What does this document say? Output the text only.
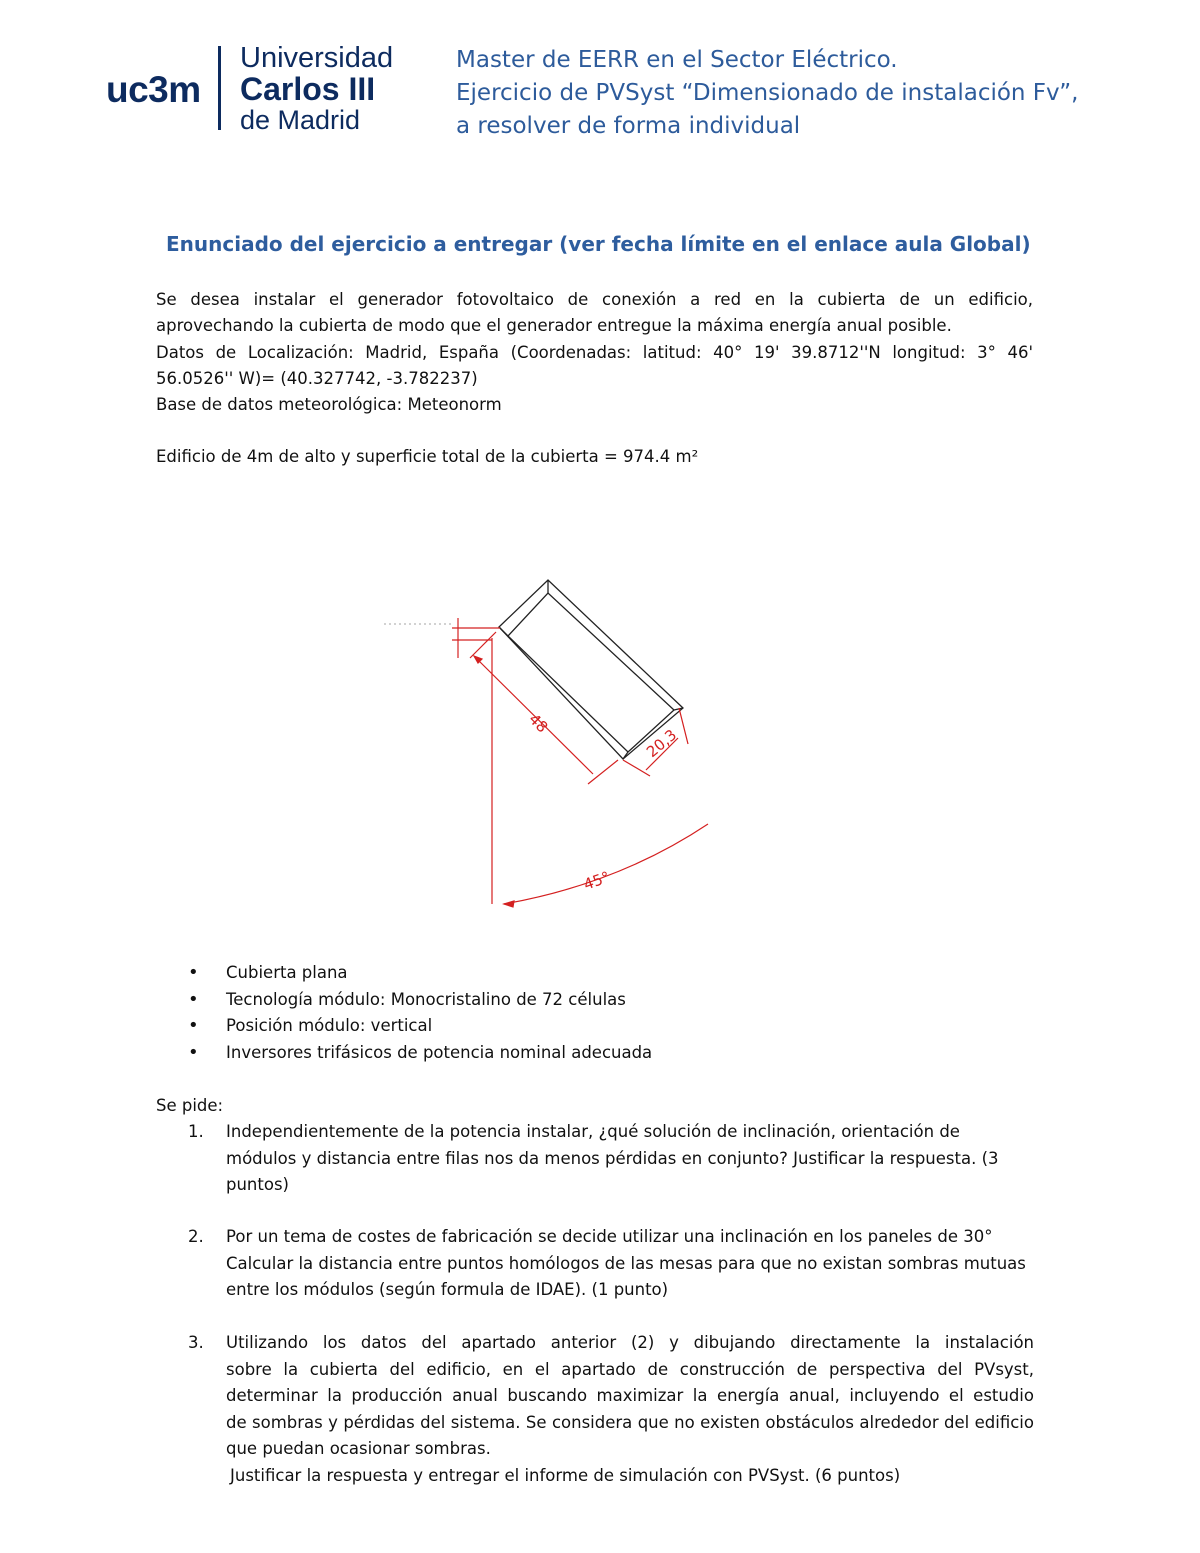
uc3m
Universidad
Carlos III
de Madrid
Master de EERR en el Sector Eléctrico.
Ejercicio de PVSyst “Dimensionado de instalación Fv”,
a resolver de forma individual
Enunciado del ejercicio a entregar (ver fecha límite en el enlace aula Global)

Se desea instalar el generador fotovoltaico de conexión a red en la cubierta de un edificio,

aprovechando la cubierta de modo que el generador entregue la máxima energía anual posible.

Datos de Localización: Madrid, España (Coordenadas: latitud: 40° 19' 39.8712''N longitud: 3° 46'

56.0526'' W)= (40.327742, -3.782237)

Base de datos meteorológica: Meteonorm

Edificio de 4m de alto y superficie total de la cubierta = 974.4 m²

48
20,3
45°
• Cubierta plana
• Tecnología módulo: Monocristalino de 72 células
• Posición módulo: vertical
• Inversores trifásicos de potencia nominal adecuada
Se pide:
1. Independientemente de la potencia instalar, ¿qué solución de inclinación, orientación de

módulos y distancia entre filas nos da menos pérdidas en conjunto? Justificar la respuesta. (3

puntos)

2. Por un tema de costes de fabricación se decide utilizar una inclinación en los paneles de 30°

Calcular la distancia entre puntos homólogos de las mesas para que no existan sombras mutuas

entre los módulos (según formula de IDAE). (1 punto)

3. Utilizando los datos del apartado anterior (2) y dibujando directamente la instalación

sobre la cubierta del edificio, en el apartado de construcción de perspectiva del PVsyst,

determinar la producción anual buscando maximizar la energía anual, incluyendo el estudio

de sombras y pérdidas del sistema. Se considera que no existen obstáculos alrededor del edificio

que puedan ocasionar sombras.

Justificar la respuesta y entregar el informe de simulación con PVSyst. (6 puntos)
